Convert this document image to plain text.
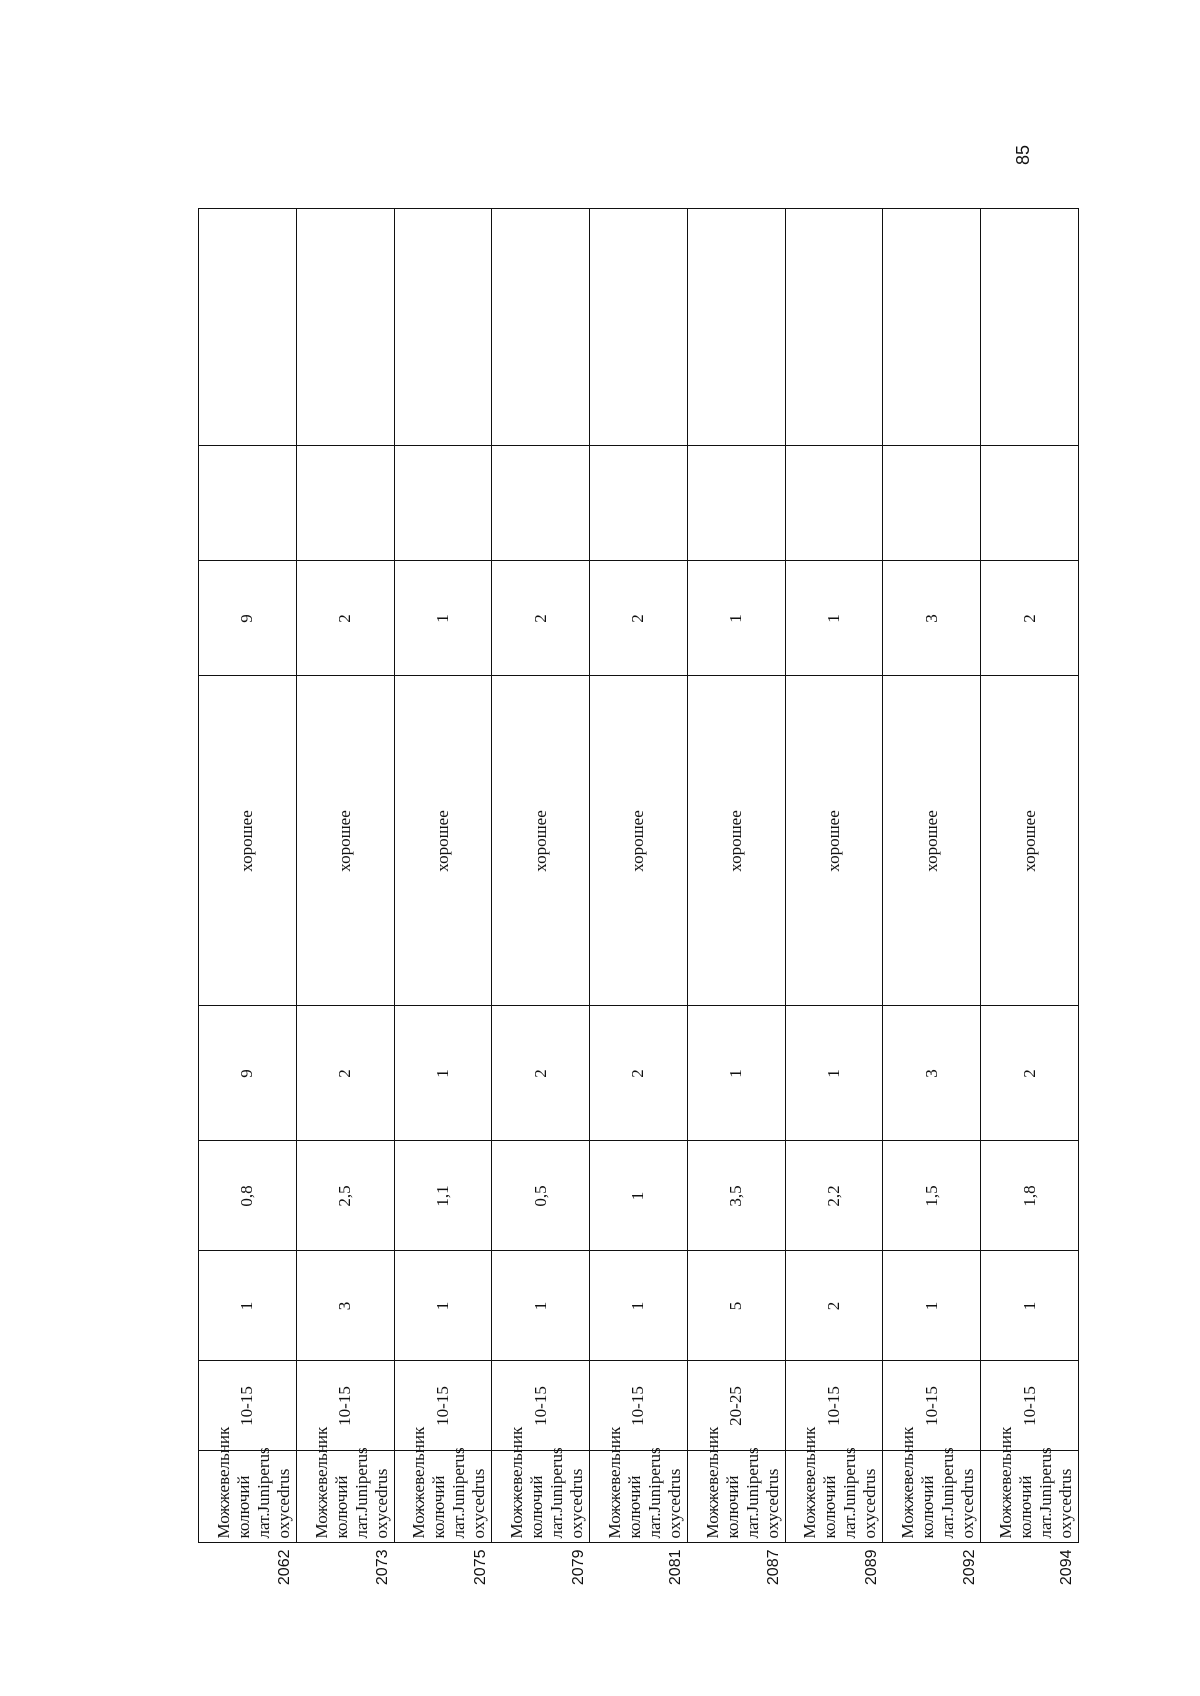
85
2062	Можжевельник колючий лат.Juniperus oxycedrus	10-15	1	0,8	9	хорошее	9		
2073	Можжевельник колючий лат.Juniperus oxycedrus	10-15	3	2,5	2	хорошее	2		
2075	Можжевельник колючий лат.Juniperus oxycedrus	10-15	1	1,1	1	хорошее	1		
2079	Можжевельник колючий лат.Juniperus oxycedrus	10-15	1	0,5	2	хорошее	2		
2081	Можжевельник колючий лат.Juniperus oxycedrus	10-15	1	1	2	хорошее	2		
2087	Можжевельник колючий лат.Juniperus oxycedrus	20-25	5	3,5	1	хорошее	1		
2089	Можжевельник колючий лат.Juniperus oxycedrus	10-15	2	2,2	1	хорошее	1		
2092	Можжевельник колючий лат.Juniperus oxycedrus	10-15	1	1,5	3	хорошее	3		
2094	Можжевельник колючий лат.Juniperus oxycedrus	10-15	1	1,8	2	хорошее	2		
